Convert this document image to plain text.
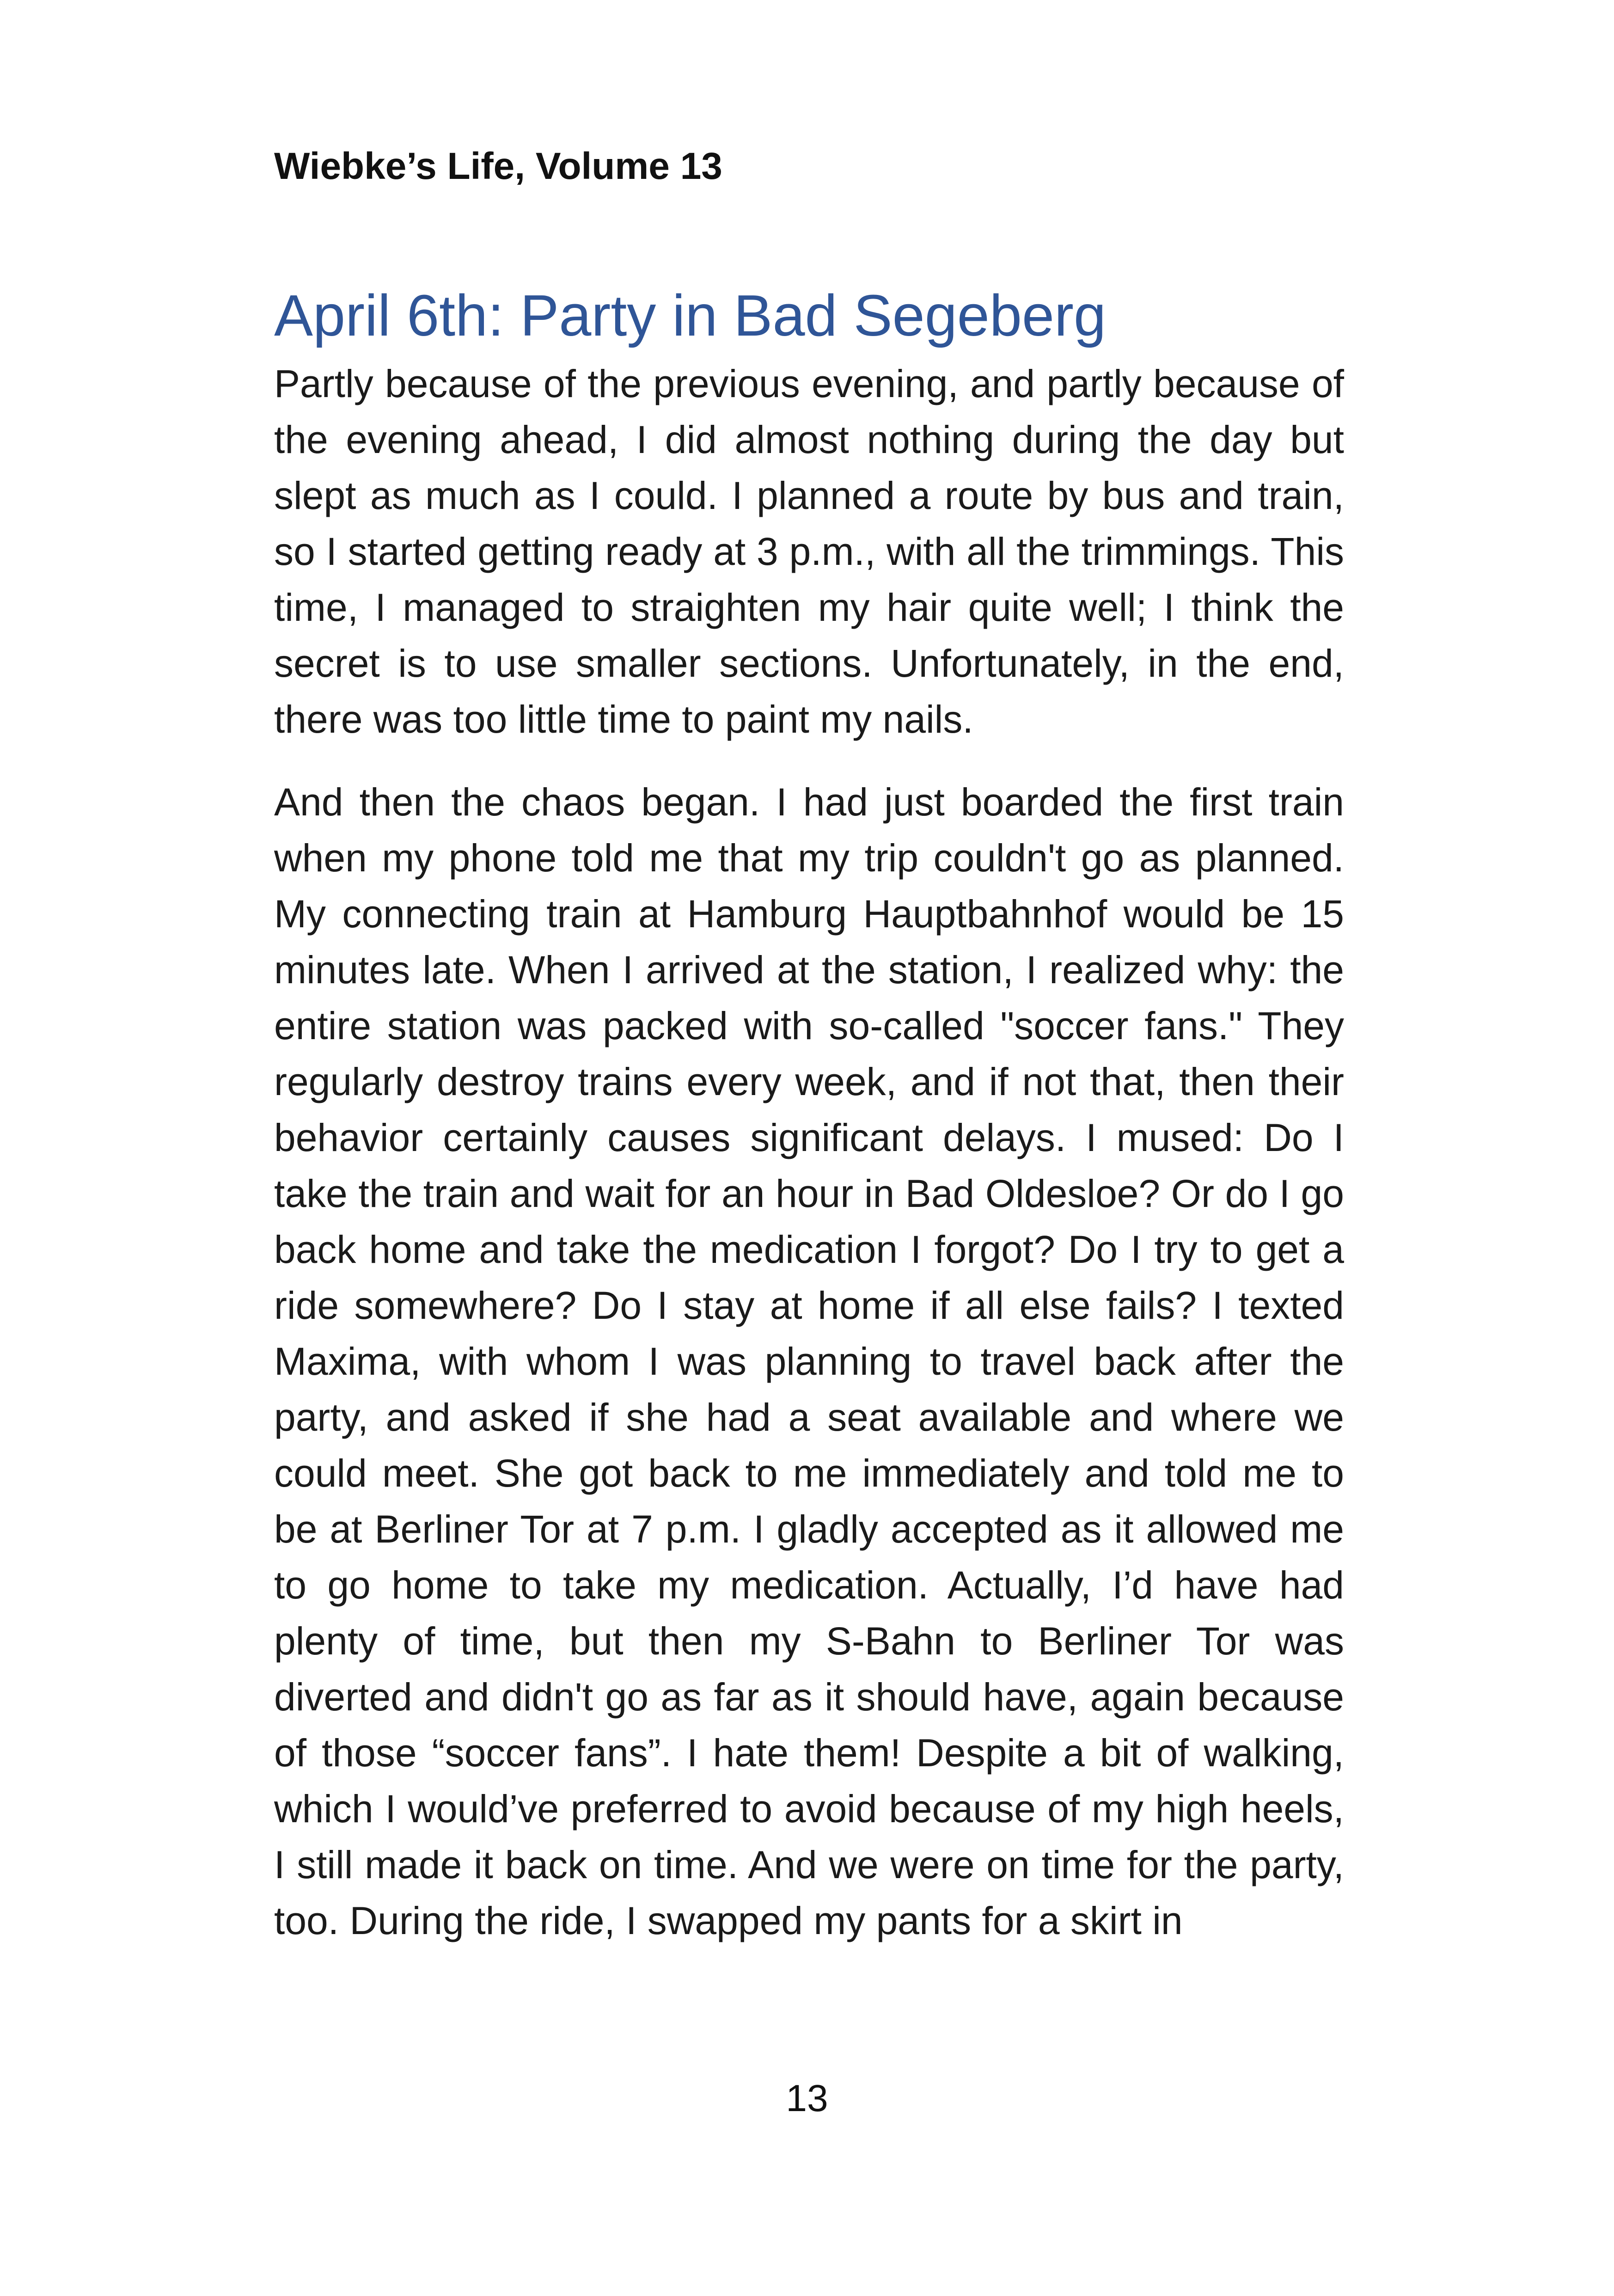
Wiebke’s Life, Volume 13
April 6th: Party in Bad Segeberg

Partly because of the previous evening, and partly because of the evening ahead, I did almost nothing during the day but slept as much as I could. I planned a route by bus and train, so I started getting ready at 3 p.m., with all the trimmings. This time, I managed to straighten my hair quite well; I think the secret is to use smaller sections. Unfortunately, in the end, there was too little time to paint my nails.

And then the chaos began. I had just boarded the first train when my phone told me that my trip couldn't go as planned. My connecting train at Hamburg Hauptbahnhof would be 15 minutes late. When I arrived at the station, I realized why: the entire station was packed with so-called "soccer fans." They regularly destroy trains every week, and if not that, then their behavior certainly causes significant delays. I mused: Do I take the train and wait for an hour in Bad Oldesloe? Or do I go back home and take the medication I forgot? Do I try to get a ride somewhere? Do I stay at home if all else fails? I texted Maxima, with whom I was planning to travel back after the party, and asked if she had a seat available and where we could meet. She got back to me immediately and told me to be at Berliner Tor at 7 p.m. I gladly accepted as it allowed me to go home to take my medication. Actually, I’d have had plenty of time, but then my S-Bahn to Berliner Tor was diverted and didn't go as far as it should have, again because of those “soccer fans”. I hate them! Despite a bit of walking, which I would’ve preferred to avoid because of my high heels, I still made it back on time. And we were on time for the party, too. During the ride, I swapped my pants for a skirt in

13
